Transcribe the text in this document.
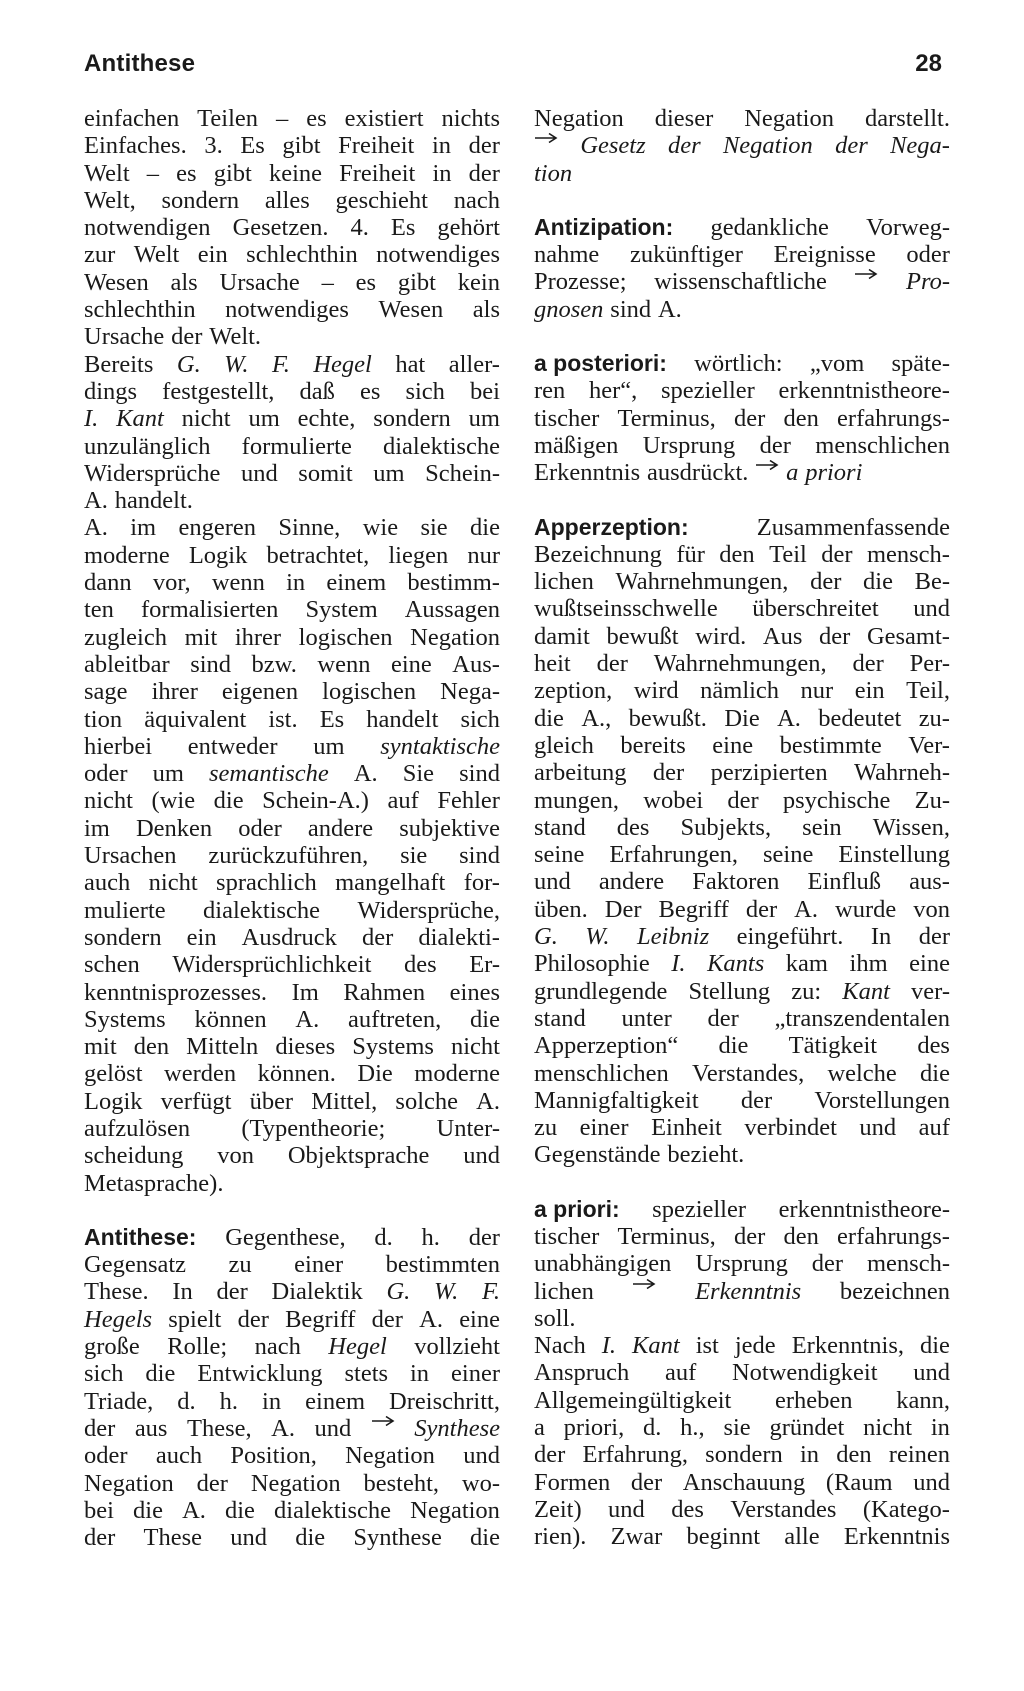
Antithese	28
einfachen Teilen – es existiert nichts
Einfaches. 3. Es gibt Freiheit in der
Welt – es gibt keine Freiheit in der
Welt, sondern alles geschieht nach
notwendigen Gesetzen. 4. Es gehört
zur Welt ein schlechthin notwendiges
Wesen als Ursache – es gibt kein
schlechthin notwendiges Wesen als
Ursache der Welt.
Bereits G. W. F. Hegel hat aller-
dings festgestellt, daß es sich bei
I. Kant nicht um echte, sondern um
unzulänglich formulierte dialektische
Widersprüche und somit um Schein-
A. handelt.
A. im engeren Sinne, wie sie die
moderne Logik betrachtet, liegen nur
dann vor, wenn in einem bestimm-
ten formalisierten System Aussagen
zugleich mit ihrer logischen Negation
ableitbar sind bzw. wenn eine Aus-
sage ihrer eigenen logischen Nega-
tion äquivalent ist. Es handelt sich
hierbei entweder um syntaktische
oder um semantische A. Sie sind
nicht (wie die Schein-A.) auf Fehler
im Denken oder andere subjektive
Ursachen zurückzuführen, sie sind
auch nicht sprachlich mangelhaft for-
mulierte dialektische Widersprüche,
sondern ein Ausdruck der dialekti-
schen Widersprüchlichkeit des Er-
kenntnisprozesses. Im Rahmen eines
Systems können A. auftreten, die
mit den Mitteln dieses Systems nicht
gelöst werden können. Die moderne
Logik verfügt über Mittel, solche A.
aufzulösen (Typentheorie; Unter-
scheidung von Objektsprache und
Metasprache).
Antithese: Gegenthese, d. h. der
Gegensatz zu einer bestimmten
These. In der Dialektik G. W. F.
Hegels spielt der Begriff der A. eine
große Rolle; nach Hegel vollzieht
sich die Entwicklung stets in einer
Triade, d. h. in einem Dreischritt,
der aus These, A. und	Synthese
oder auch Position, Negation und
Negation der Negation besteht, wo-
bei die A. die dialektische Negation
der These und die Synthese die
Negation dieser Negation darstellt.
Gesetz der Negation der Nega-
tion
Antizipation: gedankliche Vorweg-
nahme zukünftiger Ereignisse oder
Prozesse; wissenschaftliche	Pro-
gnosen sind A.
a posteriori: wörtlich: „vom späte-
ren her“, spezieller erkenntnistheore-
tischer Terminus, der den erfahrungs-
mäßigen Ursprung der menschlichen
Erkenntnis ausdrückt. a priori
Apperzeption:	Zusammenfassende
Bezeichnung für den Teil der mensch-
lichen Wahrnehmungen, der die Be-
wußtseinsschwelle überschreitet und
damit bewußt wird. Aus der Gesamt-
heit der Wahrnehmungen, der Per-
zeption, wird nämlich nur ein Teil,
die A., bewußt. Die A. bedeutet zu-
gleich bereits eine bestimmte Ver-
arbeitung der perzipierten Wahrneh-
mungen, wobei der psychische Zu-
stand des Subjekts, sein Wissen,
seine Erfahrungen, seine Einstellung
und andere Faktoren Einfluß aus-
üben. Der Begriff der A. wurde von
G. W. Leibniz eingeführt. In der
Philosophie I. Kants kam ihm eine
grundlegende Stellung zu: Kant ver-
stand unter der „transzendentalen
Apperzeption“ die Tätigkeit des
menschlichen Verstandes, welche die
Mannigfaltigkeit der Vorstellungen
zu einer Einheit verbindet und auf
Gegenstände bezieht.
a priori: spezieller erkenntnistheore-
tischer Terminus, der den erfahrungs-
unabhängigen Ursprung der mensch-
lichen	Erkenntnis bezeichnen
soll.
Nach I. Kant ist jede Erkenntnis, die
Anspruch auf Notwendigkeit und
Allgemeingültigkeit erheben kann,
a priori, d. h., sie gründet nicht in
der Erfahrung, sondern in den reinen
Formen der Anschauung (Raum und
Zeit) und des Verstandes (Katego-
rien). Zwar beginnt alle Erkenntnis
